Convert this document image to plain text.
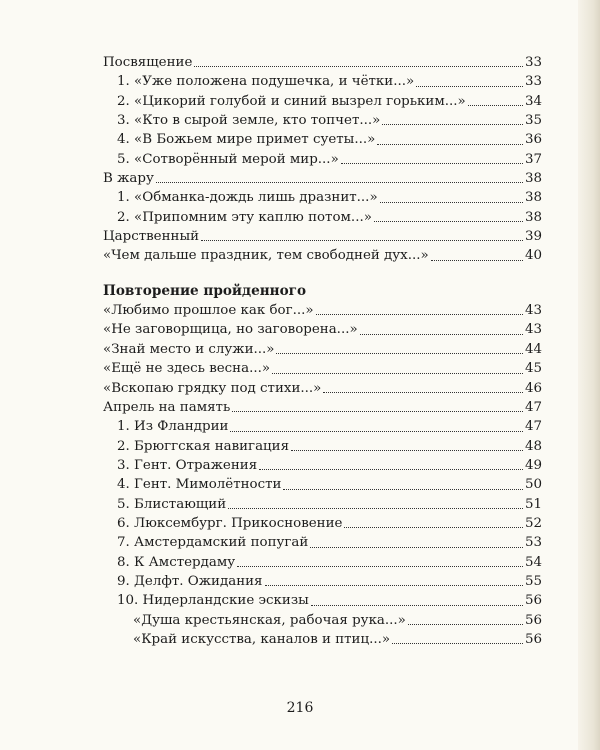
Посвящение	33
1. «Уже положена подушечка, и чётки...»	33
2. «Цикорий голубой и синий вызрел горьким...»	34
3. «Кто в сырой земле, кто топчет...»	35
4. «В Божьем мире примет суеты...»	36
5. «Сотворённый мерой мир...»	37
В жару	38
1. «Обманка-дождь лишь дразнит...»	38
2. «Припомним эту каплю потом...»	38
Царственный	39
«Чем дальше праздник, тем свободней дух...»	40
Повторение пройденного
«Любимо прошлое как бог...»	43
«Не заговорщица, но заговорена...»	43
«Знай место и служи...»	44
«Ещё не здесь весна...»	45
«Вскопаю грядку под стихи...»	46
Апрель на память	47
1. Из Фландрии	47
2. Брюггская навигация	48
3. Гент. Отражения	49
4. Гент. Мимолётности	50
5. Блистающий	51
6. Люксембург. Прикосновение	52
7. Амстердамский попугай	53
8. К Амстердаму	54
9. Делфт. Ожидания	55
10. Нидерландские эскизы	56
«Душа крестьянская, рабочая рука...»	56
«Край искусства, каналов и птиц...»	56
216
